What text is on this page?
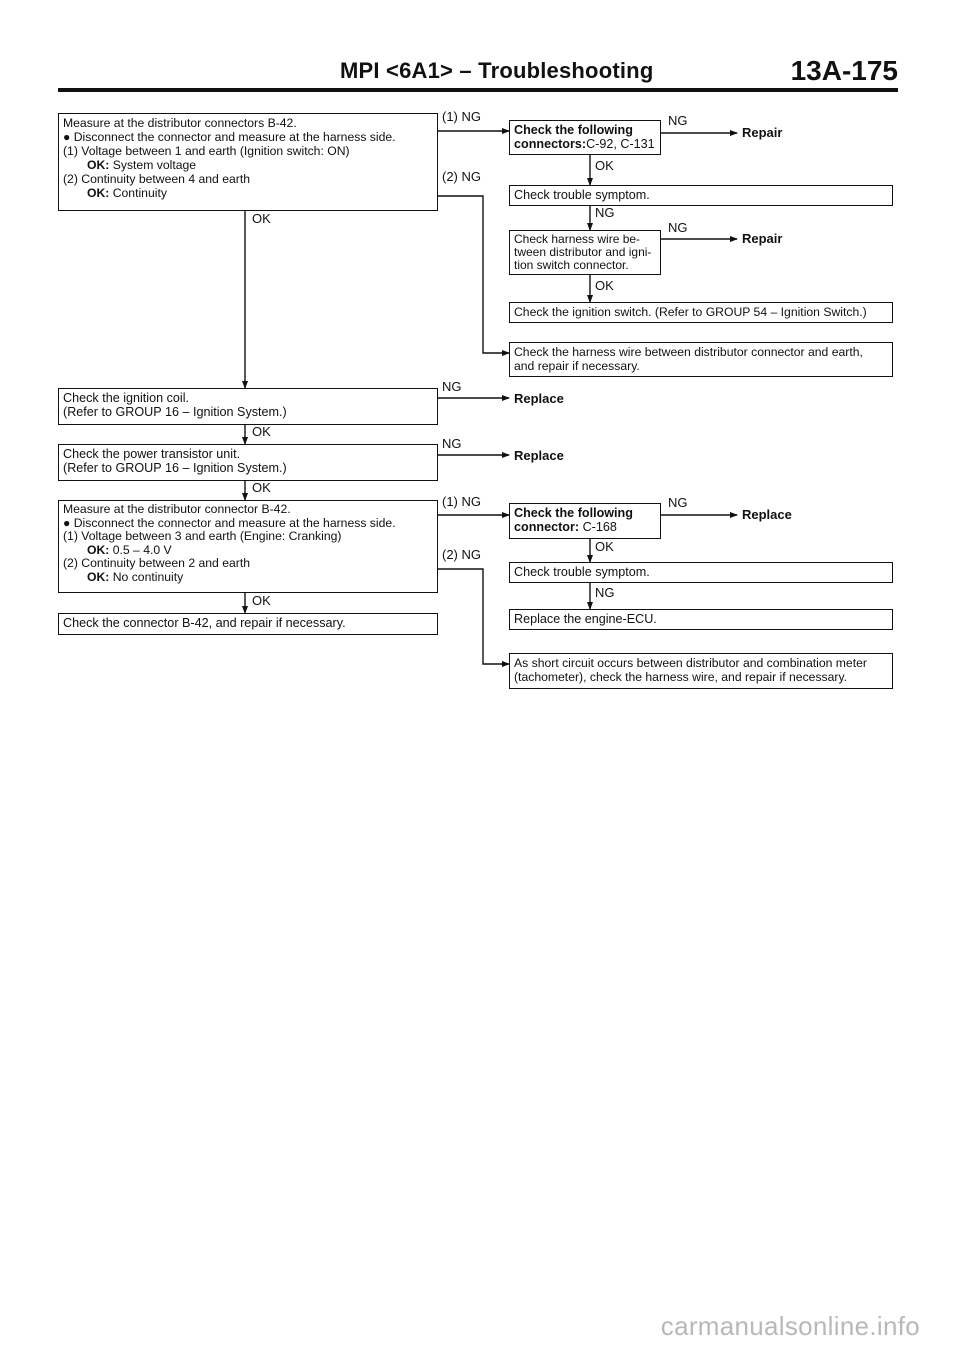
MPI <6A1> – Troubleshooting	13A-175
Measure at the distributor connectors B-42.
● Disconnect the connector and measure at the harness side.
(1) Voltage between 1 and earth (Ignition switch: ON)
OK: System voltage
(2) Continuity between 4 and earth
OK: Continuity
Check the following
connectors:C-92, C-131
Check trouble symptom.
Check harness wire be-
tween distributor and igni-
tion switch connector.
Check the ignition switch. (Refer to GROUP 54 – Ignition Switch.)
Check the harness wire between distributor connector and earth,
and repair if necessary.
Check the ignition coil.
(Refer to GROUP 16 – Ignition System.)
Check the power transistor unit.
(Refer to GROUP 16 – Ignition System.)
Measure at the distributor connector B-42.
● Disconnect the connector and measure at the harness side.
(1) Voltage between 3 and earth (Engine: Cranking)
OK: 0.5 – 4.0 V
(2) Continuity between 2 and earth
OK: No continuity
Check the following
connector: C-168
Check trouble symptom.
Replace the engine-ECU.
As short circuit occurs between distributor and combination meter
(tachometer), check the harness wire, and repair if necessary.
Check the connector B-42, and repair if necessary.
(1) NG
(2) NG
OK
NG
OK
NG
NG
OK
NG
OK
NG
OK
(1) NG
(2) NG
OK
NG
OK
NG
Repair
Repair
Replace
Replace
Replace
carmanualsonline.info
